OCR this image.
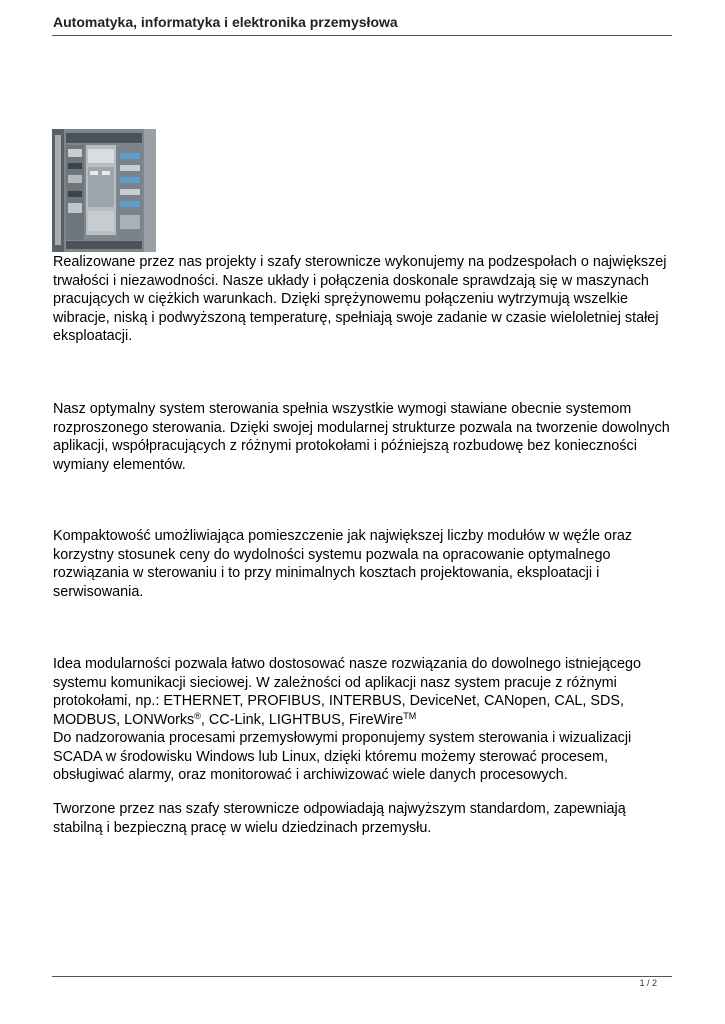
Automatyka, informatyka i elektronika przemysłowa

Realizowane przez nas projekty i szafy sterownicze wykonujemy na podzespołach o największej trwałości i niezawodności. Nasze układy i połączenia doskonale sprawdzają się w maszynach pracujących w ciężkich warunkach. Dzięki sprężynowemu połączeniu wytrzymują wszelkie wibracje, niską i podwyższoną temperaturę, spełniają swoje zadanie w czasie wieloletniej stałej eksploatacji.

Nasz optymalny system sterowania spełnia wszystkie wymogi stawiane obecnie systemom rozproszonego sterowania. Dzięki swojej modularnej strukturze pozwala na tworzenie dowolnych aplikacji, współpracujących z różnymi protokołami i późniejszą rozbudowę bez konieczności wymiany elementów.

Kompaktowość umożliwiająca pomieszczenie jak największej liczby modułów w węźle oraz korzystny stosunek ceny do wydolności systemu pozwala na opracowanie optymalnego rozwiązania w sterowaniu i to przy minimalnych kosztach projektowania, eksploatacji i serwisowania.

Idea modularności pozwala łatwo dostosować nasze rozwiązania do dowolnego istniejącego systemu komunikacji sieciowej. W zależności od aplikacji nasz system pracuje z różnymi protokołami, np.: ETHERNET, PROFIBUS, INTERBUS, DeviceNet, CANopen, CAL, SDS, MODBUS, LONWorks®, CC-Link, LIGHTBUS, FireWire™
Do nadzorowania procesami przemysłowymi proponujemy system sterowania i wizualizacji SCADA w środowisku Windows lub Linux, dzięki któremu możemy sterować procesem, obsługiwać alarmy, oraz monitorować i archiwizować wiele danych procesowych.

Tworzone przez nas szafy sterownicze odpowiadają najwyższym standardom, zapewniają stabilną i bezpieczną pracę w wielu dziedzinach przemysłu.

1 / 2
